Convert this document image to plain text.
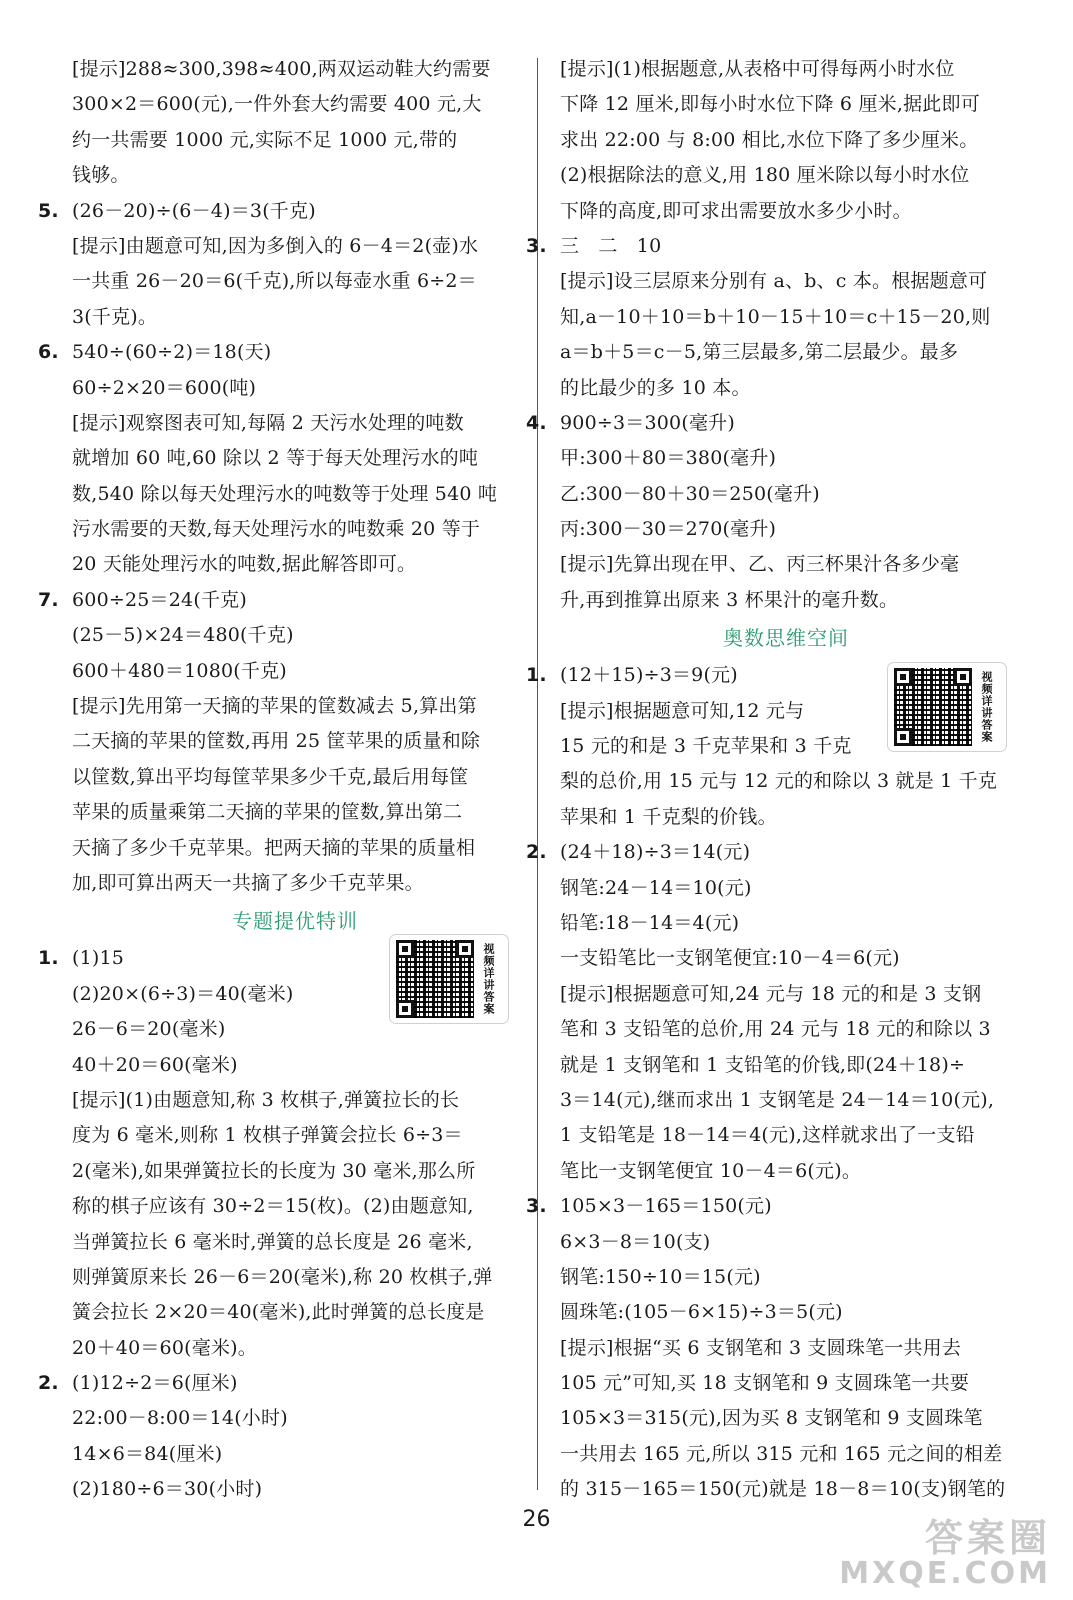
[提示]288≈300,398≈400,两双运动鞋大约需要
300×2＝600(元),一件外套大约需要 400 元,大
约一共需要 1000 元,实际不足 1000 元,带的
钱够。
5. (26－20)÷(6－4)＝3(千克)
[提示]由题意可知,因为多倒入的 6－4＝2(壶)水
一共重 26－20＝6(千克),所以每壶水重 6÷2＝
3(千克)。
6. 540÷(60÷2)＝18(天)
60÷2×20＝600(吨)
[提示]观察图表可知,每隔 2 天污水处理的吨数
就增加 60 吨,60 除以 2 等于每天处理污水的吨
数,540 除以每天处理污水的吨数等于处理 540 吨
污水需要的天数,每天处理污水的吨数乘 20 等于
20 天能处理污水的吨数,据此解答即可。
7. 600÷25＝24(千克)
(25－5)×24＝480(千克)
600＋480＝1080(千克)
[提示]先用第一天摘的苹果的筐数减去 5,算出第
二天摘的苹果的筐数,再用 25 筐苹果的质量和除
以筐数,算出平均每筐苹果多少千克,最后用每筐
苹果的质量乘第二天摘的苹果的筐数,算出第二
天摘了多少千克苹果。把两天摘的苹果的质量相
加,即可算出两天一共摘了多少千克苹果。
专题提优特训
1. (1)15
(2)20×(6÷3)＝40(毫米)
26－6＝20(毫米)
40＋20＝60(毫米)
[提示](1)由题意知,称 3 枚棋子,弹簧拉长的长
度为 6 毫米,则称 1 枚棋子弹簧会拉长 6÷3＝
2(毫米),如果弹簧拉长的长度为 30 毫米,那么所
称的棋子应该有 30÷2＝15(枚)。(2)由题意知,
当弹簧拉长 6 毫米时,弹簧的总长度是 26 毫米,
则弹簧原来长 26－6＝20(毫米),称 20 枚棋子,弹
簧会拉长 2×20＝40(毫米),此时弹簧的总长度是
20＋40＝60(毫米)。
2. (1)12÷2＝6(厘米)
22:00－8:00＝14(小时)
14×6＝84(厘米)
(2)180÷6＝30(小时)
[提示](1)根据题意,从表格中可得每两小时水位
下降 12 厘米,即每小时水位下降 6 厘米,据此即可
求出 22:00 与 8:00 相比,水位下降了多少厘米。
(2)根据除法的意义,用 180 厘米除以每小时水位
下降的高度,即可求出需要放水多少小时。
3. 三　二　10
[提示]设三层原来分别有 a、b、c 本。根据题意可
知,a－10＋10＝b＋10－15＋10＝c＋15－20,则
a＝b＋5＝c－5,第三层最多,第二层最少。最多
的比最少的多 10 本。
4. 900÷3＝300(毫升)
甲:300＋80＝380(毫升)
乙:300－80＋30＝250(毫升)
丙:300－30＝270(毫升)
[提示]先算出现在甲、乙、丙三杯果汁各多少毫
升,再到推算出原来 3 杯果汁的毫升数。
奥数思维空间
1. (12＋15)÷3＝9(元)
[提示]根据题意可知,12 元与
15 元的和是 3 千克苹果和 3 千克
梨的总价,用 15 元与 12 元的和除以 3 就是 1 千克
苹果和 1 千克梨的价钱。
2. (24＋18)÷3＝14(元)
钢笔:24－14＝10(元)
铅笔:18－14＝4(元)
一支铅笔比一支钢笔便宜:10－4＝6(元)
[提示]根据题意可知,24 元与 18 元的和是 3 支钢
笔和 3 支铅笔的总价,用 24 元与 18 元的和除以 3
就是 1 支钢笔和 1 支铅笔的价钱,即(24＋18)÷
3＝14(元),继而求出 1 支钢笔是 24－14＝10(元),
1 支铅笔是 18－14＝4(元),这样就求出了一支铅
笔比一支钢笔便宜 10－4＝6(元)。
3. 105×3－165＝150(元)
6×3－8＝10(支)
钢笔:150÷10＝15(元)
圆珠笔:(105－6×15)÷3＝5(元)
[提示]根据“买 6 支钢笔和 3 支圆珠笔一共用去
105 元”可知,买 18 支钢笔和 9 支圆珠笔一共要
105×3＝315(元),因为买 8 支钢笔和 9 支圆珠笔
一共用去 165 元,所以 315 元和 165 元之间的相差
的 315－165＝150(元)就是 18－8＝10(支)钢笔的
视频详讲答案
视频详讲答案
26	答案圈
MXQE.COM
